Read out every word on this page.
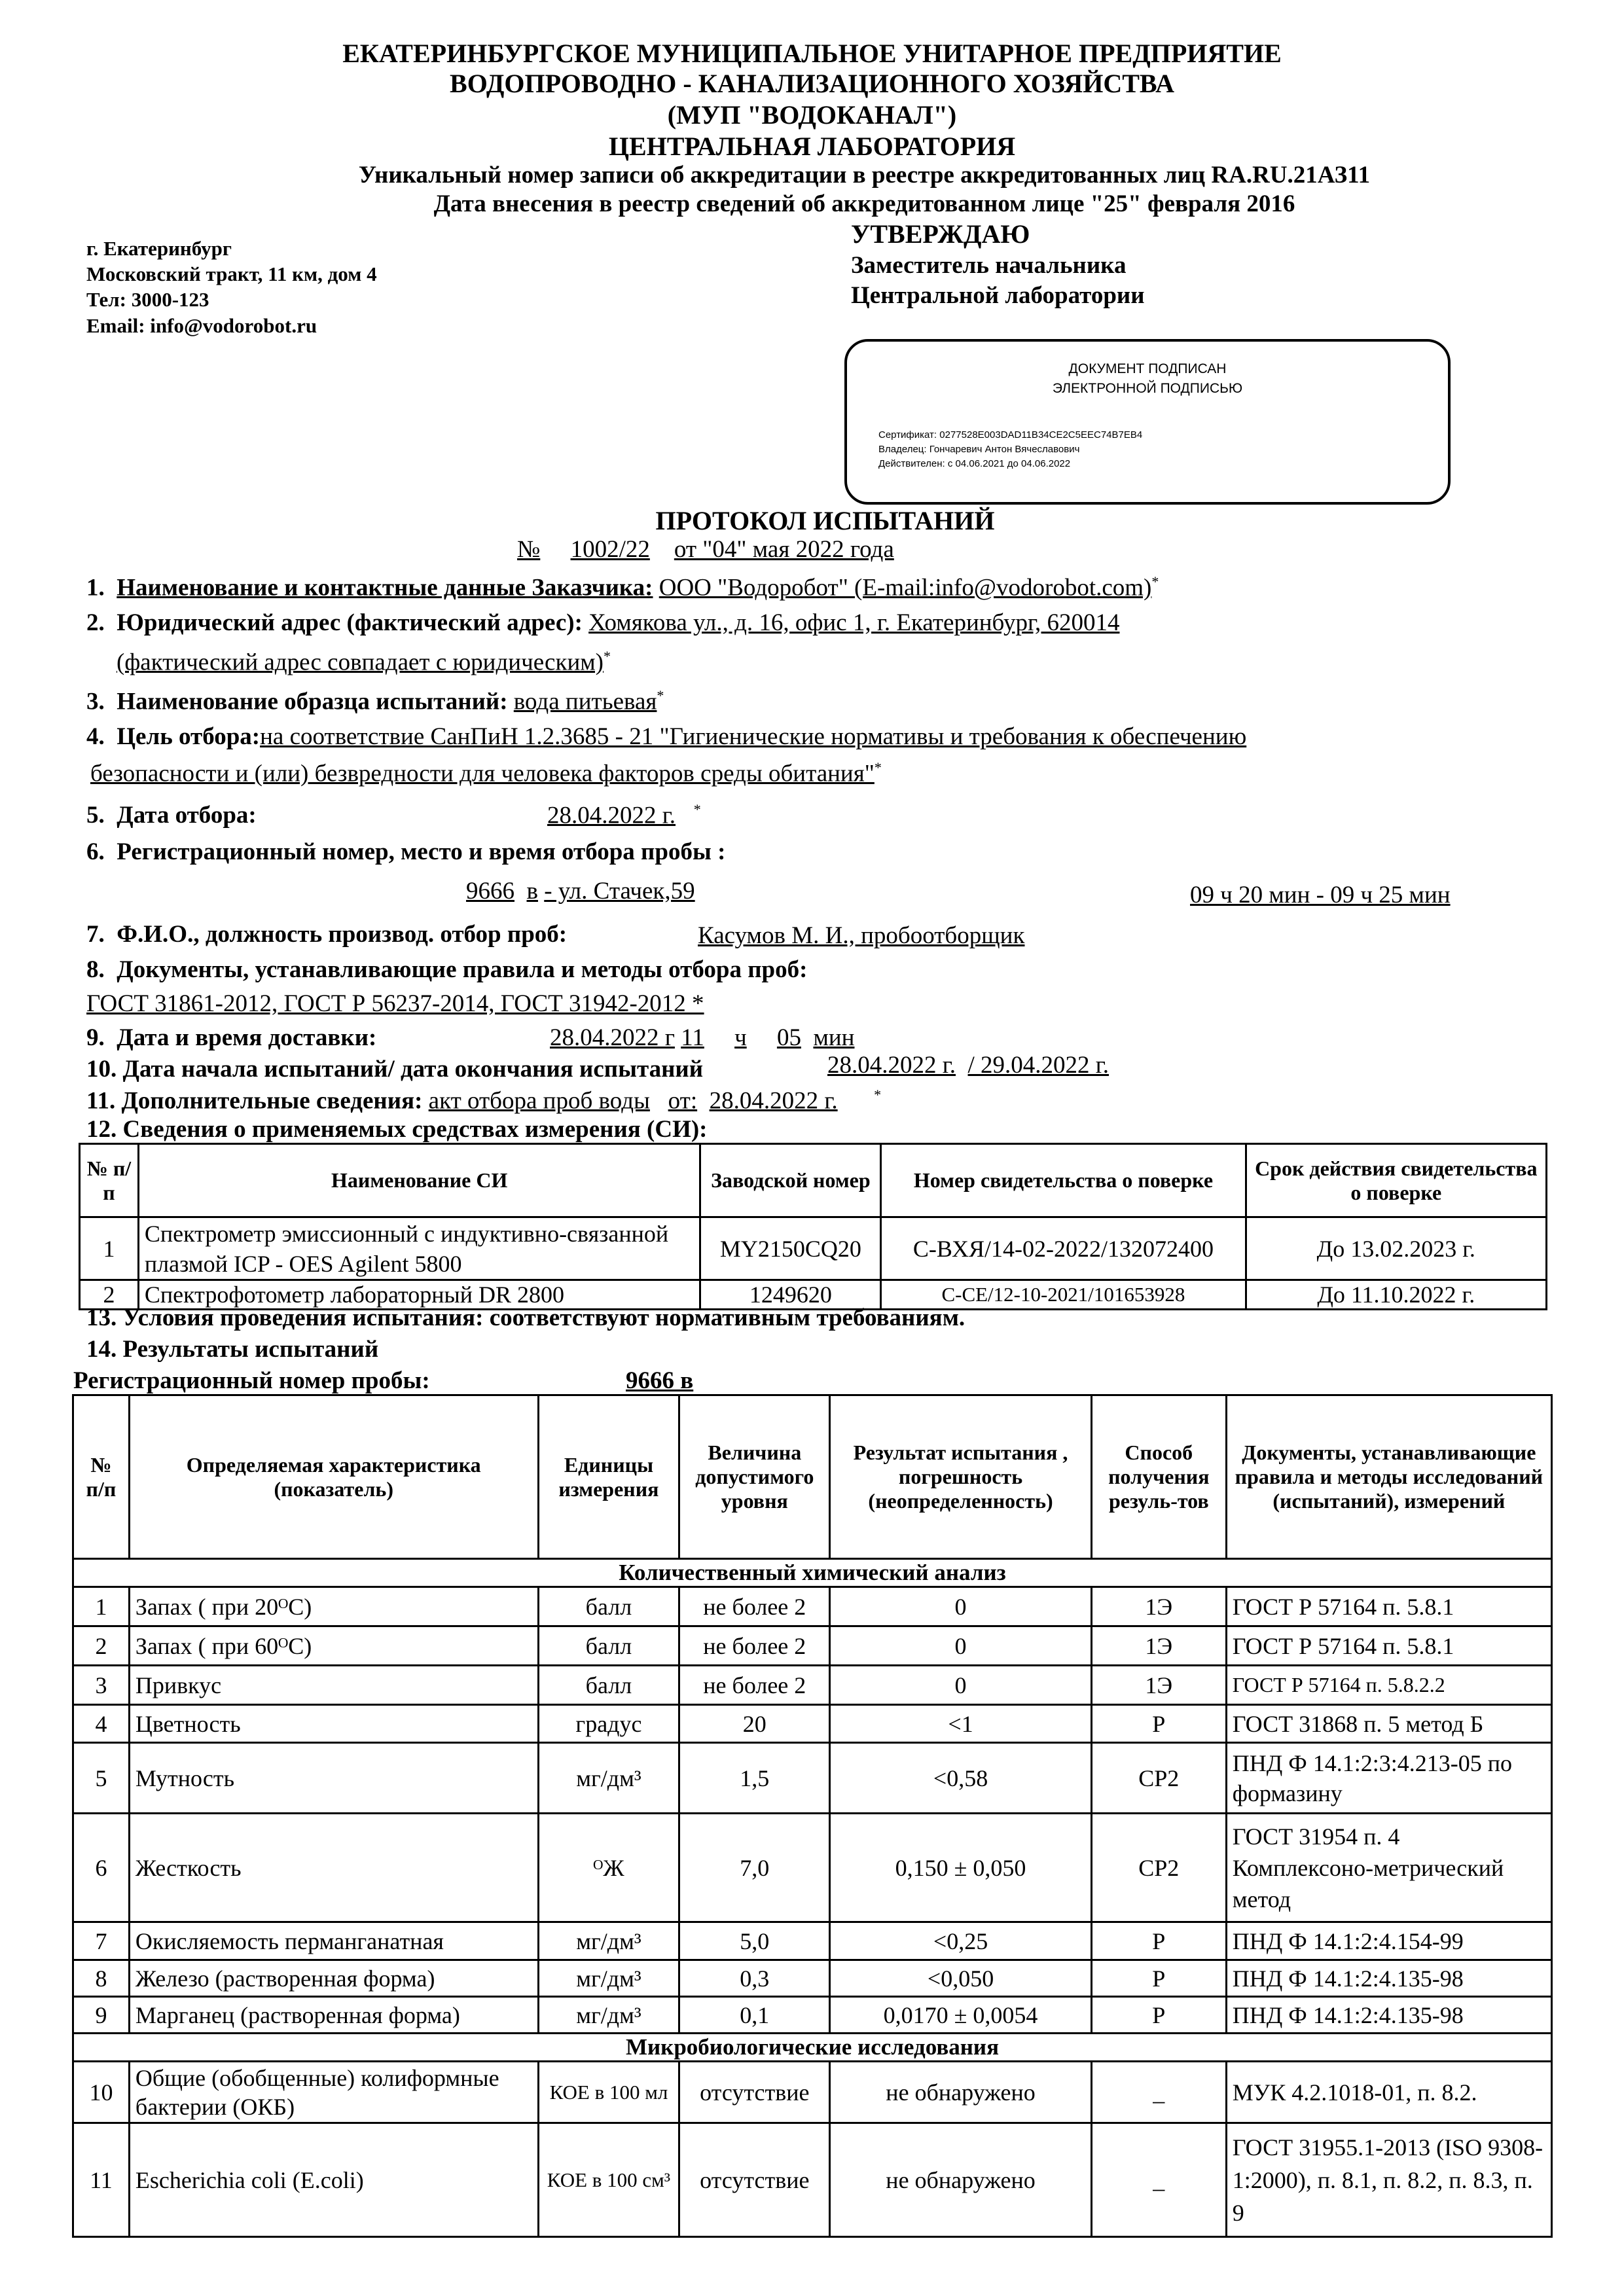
ЕКАТЕРИНБУРГСКОЕ МУНИЦИПАЛЬНОЕ УНИТАРНОЕ ПРЕДПРИЯТИЕ
ВОДОПРОВОДНО - КАНАЛИЗАЦИОННОГО ХОЗЯЙСТВА
(МУП "ВОДОКАНАЛ")
ЦЕНТРАЛЬНАЯ ЛАБОРАТОРИЯ
Уникальный номер записи об аккредитации в реестре аккредитованных лиц RA.RU.21АЗ11
Дата внесения в реестр сведений об аккредитованном лице "25" февраля 2016
г. Екатеринбург
Московский тракт, 11 км, дом 4
Тел: 3000-123
Email: info@vodorobot.ru
УТВЕРЖДАЮ
Заместитель начальника
Центральной лаборатории
ДОКУМЕНТ ПОДПИСАН
ЭЛЕКТРОННОЙ ПОДПИСЬЮ
Сертификат: 0277528E003DAD11B34CE2C5EEC74B7EB4
Владелец: Гончаревич Антон Вячеславович
Действителен: с 04.06.2021 до 04.06.2022
ПРОТОКОЛ ИСПЫТАНИЙ
№ 1002/22 от "04" мая 2022 года
1. Наименование и контактные данные Заказчика: ООО "Водоробот" (E-mail:info@vodorobot.com)*
2. Юридический адрес (фактический адрес): Хомякова ул., д. 16, офис 1, г. Екатеринбург, 620014
(фактический адрес совпадает с юридическим)*
3. Наименование образца испытаний: вода питьевая*
4. Цель отбора:на соответствие СанПиН 1.2.3685 - 21 "Гигиенические нормативы и требования к обеспечению
безопасности и (или) безвредности для человека факторов среды обитания"*
5. Дата отбора:	28.04.2022 г. *
6. Регистрационный номер, место и время отбора пробы :
9666 в - ул. Стачек,59	09 ч 20 мин - 09 ч 25 мин
7. Ф.И.О., должность производ. отбор проб:	Касумов М. И., пробоотборщик
8. Документы, устанавливающие правила и методы отбора проб:
ГОСТ 31861-2012, ГОСТ Р 56237-2014, ГОСТ 31942-2012 *
9. Дата и время доставки:	28.04.2022 г 11 ч 05 мин
10. Дата начала испытаний/ дата окончания испытаний	28.04.2022 г. / 29.04.2022 г.
11. Дополнительные сведения: акт отбора проб воды от: 28.04.2022 г.	*
12. Сведения о применяемых средствах измерения (СИ):
№ п/п	Наименование СИ	Заводской номер	Номер свидетельства о поверке	Срок действия свидетельства о поверке
1	Спектрометр эмиссионный с индуктивно-связанной плазмой ICP - OES Agilent 5800	MY2150CQ20	С-ВХЯ/14-02-2022/132072400	До 13.02.2023 г.
2	Спектрофотометр лабораторный DR 2800	1249620	С-СЕ/12-10-2021/101653928	До 11.10.2022 г.
13. Условия проведения испытания: соответствуют нормативным требованиям.
14. Результаты испытаний
Регистрационный номер пробы:	9666 в
№ п/п	Определяемая характеристика (показатель)	Единицы измерения	Величина допустимого уровня	Результат испытания , погрешность (неопределенность)	Способ получения резуль-тов	Документы, устанавливающие правила и методы исследований (испытаний), измерений
Количественный химический анализ						
1	Запах ( при 20ᴼC)	балл	не более 2	0	1Э	ГОСТ Р 57164 п. 5.8.1
2	Запах ( при 60ᴼC)	балл	не более 2	0	1Э	ГОСТ Р 57164 п. 5.8.1
3	Привкус	балл	не более 2	0	1Э	ГОСТ Р 57164 п. 5.8.2.2
4	Цветность	градус	20	<1	Р	ГОСТ 31868 п. 5 метод Б
5	Мутность	мг/дм³	1,5	<0,58	СР2	ПНД Ф 14.1:2:3:4.213-05 по формазину
6	Жесткость	ᴼЖ	7,0	0,150 ± 0,050	СР2	ГОСТ 31954 п. 4 Комплексоно-метрический метод
7	Окисляемость перманганатная	мг/дм³	5,0	<0,25	Р	ПНД Ф 14.1:2:4.154-99
8	Железо (растворенная форма)	мг/дм³	0,3	<0,050	Р	ПНД Ф 14.1:2:4.135-98
9	Марганец (растворенная форма)	мг/дм³	0,1	0,0170 ± 0,0054	Р	ПНД Ф 14.1:2:4.135-98
Микробиологические исследования						
10	Общие (обобщенные) колиформные бактерии (ОКБ)	КОЕ в 100 мл	отсутствие	не обнаружено	_	МУК 4.2.1018-01, п. 8.2.
11	Escherichia coli (E.coli)	КОЕ в 100 см³	отсутствие	не обнаружено	_	ГОСТ 31955.1-2013 (ISO 9308-1:2000), п. 8.1, п. 8.2, п. 8.3, п. 9
